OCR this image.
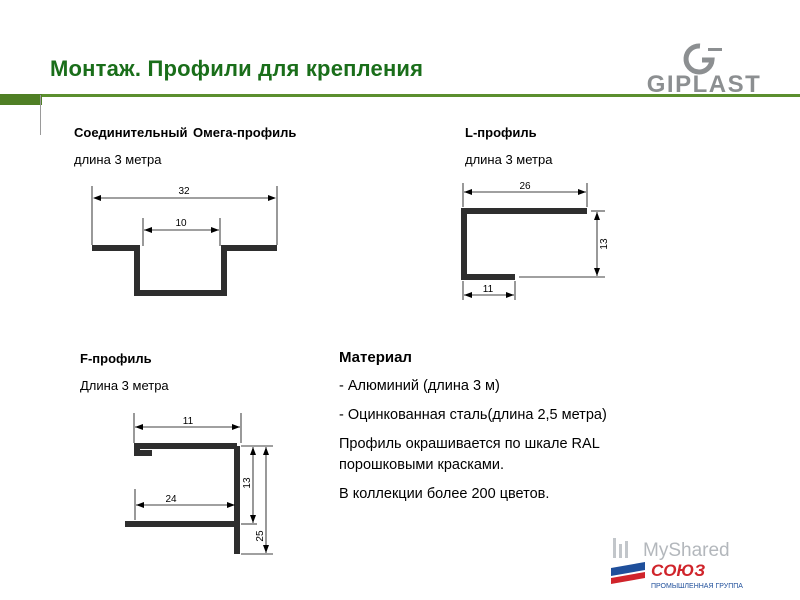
Монтаж. Профили для крепления
GIPLAST
Соединительный Омега-профиль
длина 3 метра
32
10
L-профиль
длина 3 метра
26
13
11
F-профиль
Длина 3 метра
11
24
13
25
Материал
- Алюминий (длина 3 м)
- Оцинкованная сталь(длина 2,5 метра)
Профиль окрашивается по шкале RAL порошковыми красками.
В коллекции более 200 цветов.
MyShared
СОЮЗ
ПРОМЫШЛЕННАЯ ГРУППА
